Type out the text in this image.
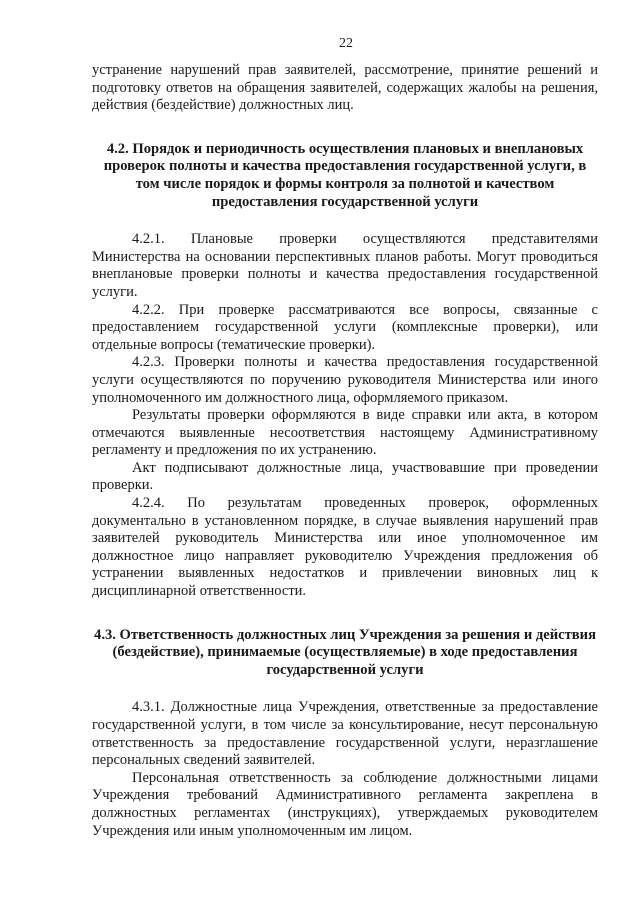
22

устранение нарушений прав заявителей, рассмотрение, принятие решений и подготовку ответов на обращения заявителей, содержащих жалобы на решения, действия (бездействие) должностных лиц.

4.2. Порядок и периодичность осуществления плановых и внеплановых проверок полноты и качества предоставления государственной услуги, в том числе порядок и формы контроля за полнотой и качеством предоставления государственной услуги

4.2.1. Плановые проверки осуществляются представителями Министерства на основании перспективных планов работы. Могут проводиться внеплановые проверки полноты и качества предоставления государственной услуги.

4.2.2. При проверке рассматриваются все вопросы, связанные с предоставлением государственной услуги (комплексные проверки), или отдельные вопросы (тематические проверки).

4.2.3. Проверки полноты и качества предоставления государственной услуги осуществляются по поручению руководителя Министерства или иного уполномоченного им должностного лица, оформляемого приказом.

Результаты проверки оформляются в виде справки или акта, в котором отмечаются выявленные несоответствия настоящему Административному регламенту и предложения по их устранению.

Акт подписывают должностные лица, участвовавшие при проведении проверки.

4.2.4. По результатам проведенных проверок, оформленных документально в установленном порядке, в случае выявления нарушений прав заявителей руководитель Министерства или иное уполномоченное им должностное лицо направляет руководителю Учреждения предложения об устранении выявленных недостатков и привлечении виновных лиц к дисциплинарной ответственности.

4.3. Ответственность должностных лиц Учреждения за решения и действия (бездействие), принимаемые (осуществляемые) в ходе предоставления государственной услуги

4.3.1. Должностные лица Учреждения, ответственные за предоставление государственной услуги, в том числе за консультирование, несут персональную ответственность за предоставление государственной услуги, неразглашение персональных сведений заявителей.

Персональная ответственность за соблюдение должностными лицами Учреждения требований Административного регламента закреплена в должностных регламентах (инструкциях), утверждаемых руководителем Учреждения или иным уполномоченным им лицом.
